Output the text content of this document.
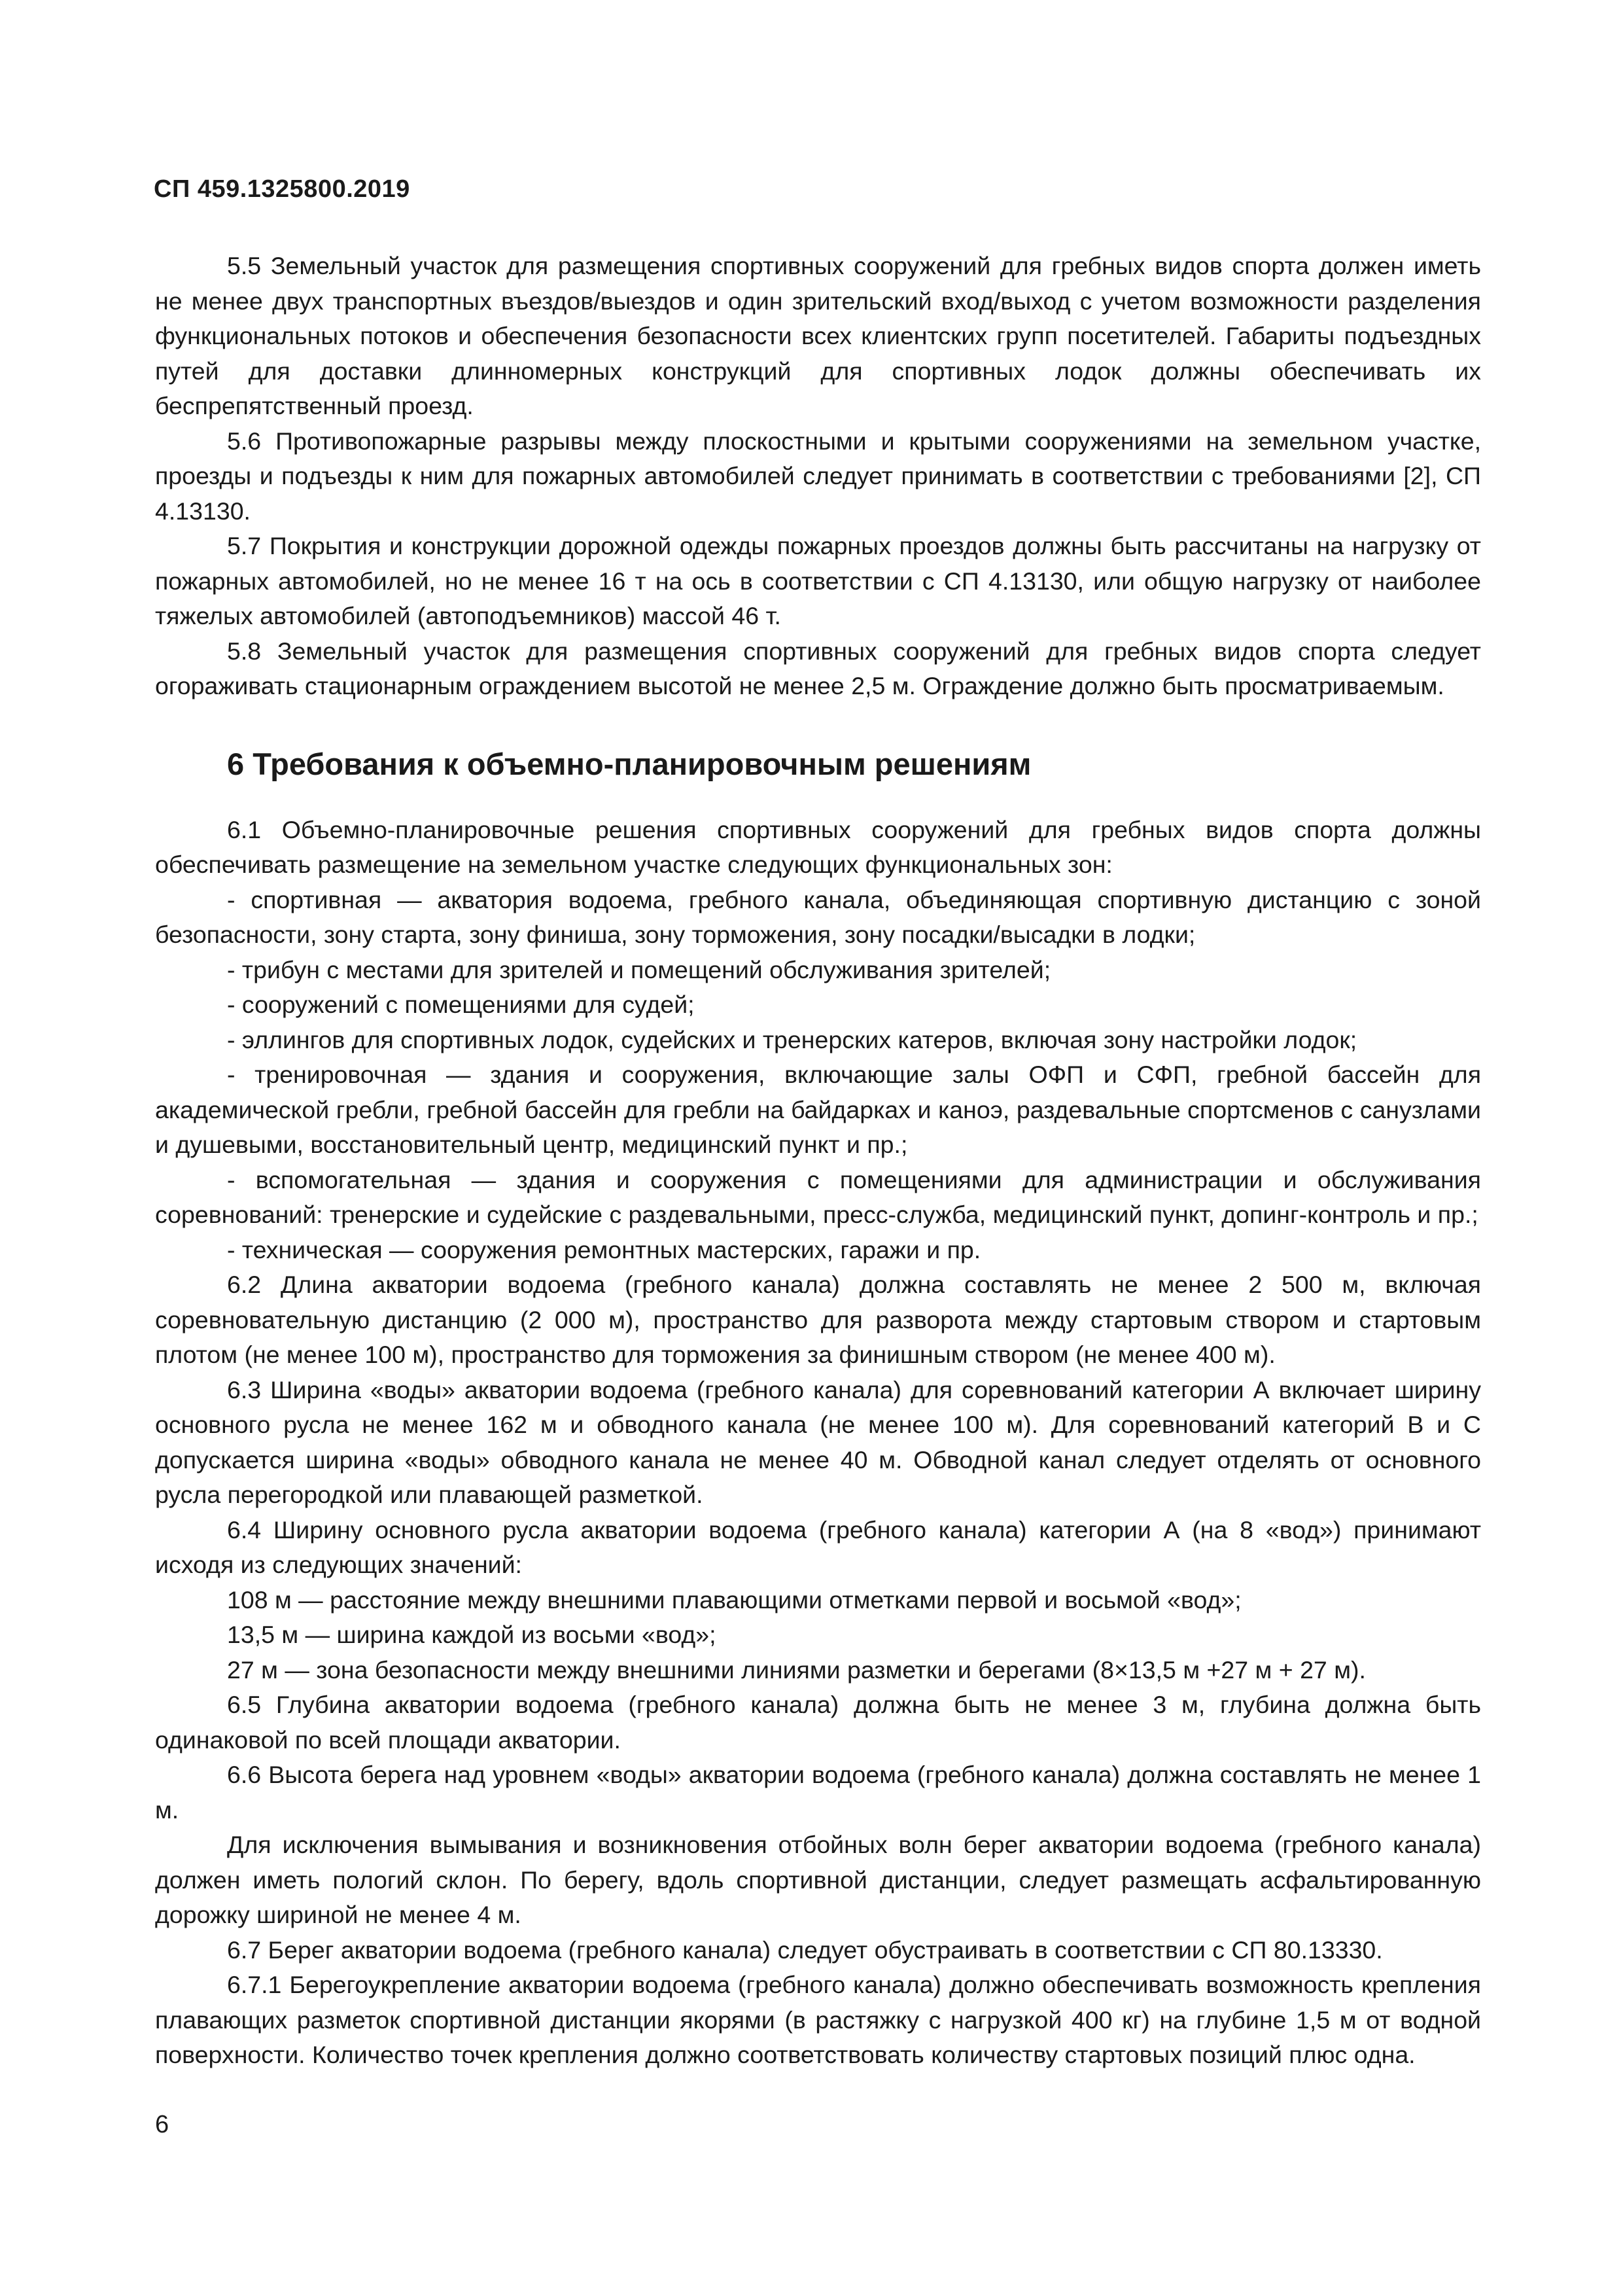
СП 459.1325800.2019

5.5 Земельный участок для размещения спортивных сооружений для гребных видов спорта должен иметь не менее двух транспортных въездов/выездов и один зрительский вход/выход с учетом возможности разделения функциональных потоков и обеспечения безопасности всех клиентских групп посетителей. Габариты подъездных путей для доставки длинномерных конструкций для спортивных лодок должны обеспечивать их беспрепятственный проезд.

5.6 Противопожарные разрывы между плоскостными и крытыми сооружениями на земельном участке, проезды и подъезды к ним для пожарных автомобилей следует принимать в соответствии с требованиями [2], СП 4.13130.

5.7 Покрытия и конструкции дорожной одежды пожарных проездов должны быть рассчитаны на нагрузку от пожарных автомобилей, но не менее 16 т на ось в соответствии с СП 4.13130, или общую нагрузку от наиболее тяжелых автомобилей (автоподъемников) массой 46 т.

5.8 Земельный участок для размещения спортивных сооружений для гребных видов спорта следует огораживать стационарным ограждением высотой не менее 2,5 м. Ограждение должно быть просматриваемым.

6 Требования к объемно-планировочным решениям

6.1 Объемно-планировочные решения спортивных сооружений для гребных видов спорта должны обеспечивать размещение на земельном участке следующих функциональных зон:

- спортивная — акватория водоема, гребного канала, объединяющая спортивную дистанцию с зоной безопасности, зону старта, зону финиша, зону торможения, зону посадки/высадки в лодки;

- трибун с местами для зрителей и помещений обслуживания зрителей;

- сооружений с помещениями для судей;

- эллингов для спортивных лодок, судейских и тренерских катеров, включая зону настройки лодок;

- тренировочная — здания и сооружения, включающие залы ОФП и СФП, гребной бассейн для академической гребли, гребной бассейн для гребли на байдарках и каноэ, раздевальные спортсменов с санузлами и душевыми, восстановительный центр, медицинский пункт и пр.;

- вспомогательная — здания и сооружения с помещениями для администрации и обслуживания соревнований: тренерские и судейские с раздевальными, пресс-служба, медицинский пункт, допинг-контроль и пр.;

- техническая — сооружения ремонтных мастерских, гаражи и пр.

6.2 Длина акватории водоема (гребного канала) должна составлять не менее 2 500 м, включая соревновательную дистанцию (2 000 м), пространство для разворота между стартовым створом и стартовым плотом (не менее 100 м), пространство для торможения за финишным створом (не менее 400 м).

6.3 Ширина «воды» акватории водоема (гребного канала) для соревнований категории А включает ширину основного русла не менее 162 м и обводного канала (не менее 100 м). Для соревнований категорий В и С допускается ширина «воды» обводного канала не менее 40 м. Обводной канал следует отделять от основного русла перегородкой или плавающей разметкой.

6.4 Ширину основного русла акватории водоема (гребного канала) категории А (на 8 «вод») принимают исходя из следующих значений:

108 м — расстояние между внешними плавающими отметками первой и восьмой «вод»;

13,5 м — ширина каждой из восьми «вод»;

27 м — зона безопасности между внешними линиями разметки и берегами (8×13,5 м +27 м + 27 м).

6.5 Глубина акватории водоема (гребного канала) должна быть не менее 3 м, глубина должна быть одинаковой по всей площади акватории.

6.6 Высота берега над уровнем «воды» акватории водоема (гребного канала) должна составлять не менее 1 м.

Для исключения вымывания и возникновения отбойных волн берег акватории водоема (гребного канала) должен иметь пологий склон. По берегу, вдоль спортивной дистанции, следует размещать асфальтированную дорожку шириной не менее 4 м.

6.7 Берег акватории водоема (гребного канала) следует обустраивать в соответствии с СП 80.13330.

6.7.1 Берегоукрепление акватории водоема (гребного канала) должно обеспечивать возможность крепления плавающих разметок спортивной дистанции якорями (в растяжку с нагрузкой 400 кг) на глубине 1,5 м от водной поверхности. Количество точек крепления должно соответствовать количеству стартовых позиций плюс одна.

6
